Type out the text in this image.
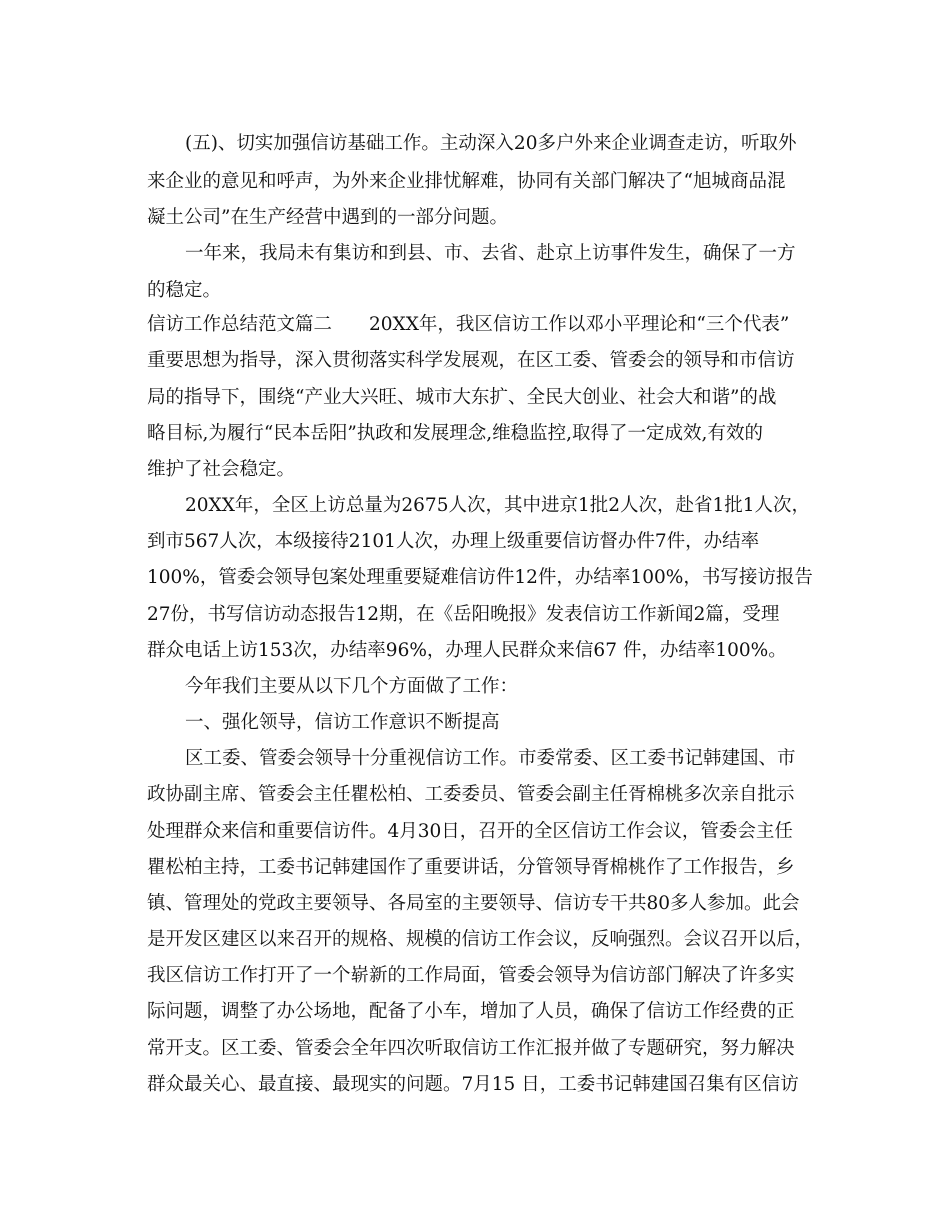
(五)、切实加强信访基础工作。主动深入20多户外来企业调查走访，听取外
来企业的意见和呼声，为外来企业排忧解难，协同有关部门解决了“旭城商品混
凝土公司”在生产经营中遇到的一部分问题。
一年来，我局未有集访和到县、市、去省、赴京上访事件发生，确保了一方
的稳定。
信访工作总结范文篇二　　20XX年，我区信访工作以邓小平理论和“三个代表”
重要思想为指导，深入贯彻落实科学发展观，在区工委、管委会的领导和市信访
局的指导下，围绕“产业大兴旺、城市大东扩、全民大创业、社会大和谐”的战
略目标,为履行“民本岳阳”执政和发展理念,维稳监控,取得了一定成效,有效的
维护了社会稳定。
20XX年，全区上访总量为2675人次，其中进京1批2人次，赴省1批1人次，
到市567人次，本级接待2101人次，办理上级重要信访督办件7件，办结率
100%，管委会领导包案处理重要疑难信访件12件，办结率100%，书写接访报告
27份，书写信访动态报告12期，在《岳阳晚报》发表信访工作新闻2篇，受理
群众电话上访153次，办结率96%，办理人民群众来信67 件，办结率100%。
今年我们主要从以下几个方面做了工作：
一、强化领导，信访工作意识不断提高
区工委、管委会领导十分重视信访工作。市委常委、区工委书记韩建国、市
政协副主席、管委会主任瞿松柏、工委委员、管委会副主任胥棉桃多次亲自批示
处理群众来信和重要信访件。4月30日，召开的全区信访工作会议，管委会主任
瞿松柏主持，工委书记韩建国作了重要讲话，分管领导胥棉桃作了工作报告，乡
镇、管理处的党政主要领导、各局室的主要领导、信访专干共80多人参加。此会
是开发区建区以来召开的规格、规模的信访工作会议，反响强烈。会议召开以后，
我区信访工作打开了一个崭新的工作局面，管委会领导为信访部门解决了许多实
际问题，调整了办公场地，配备了小车，增加了人员，确保了信访工作经费的正
常开支。区工委、管委会全年四次听取信访工作汇报并做了专题研究，努力解决
群众最关心、最直接、最现实的问题。7月15 日，工委书记韩建国召集有区信访
